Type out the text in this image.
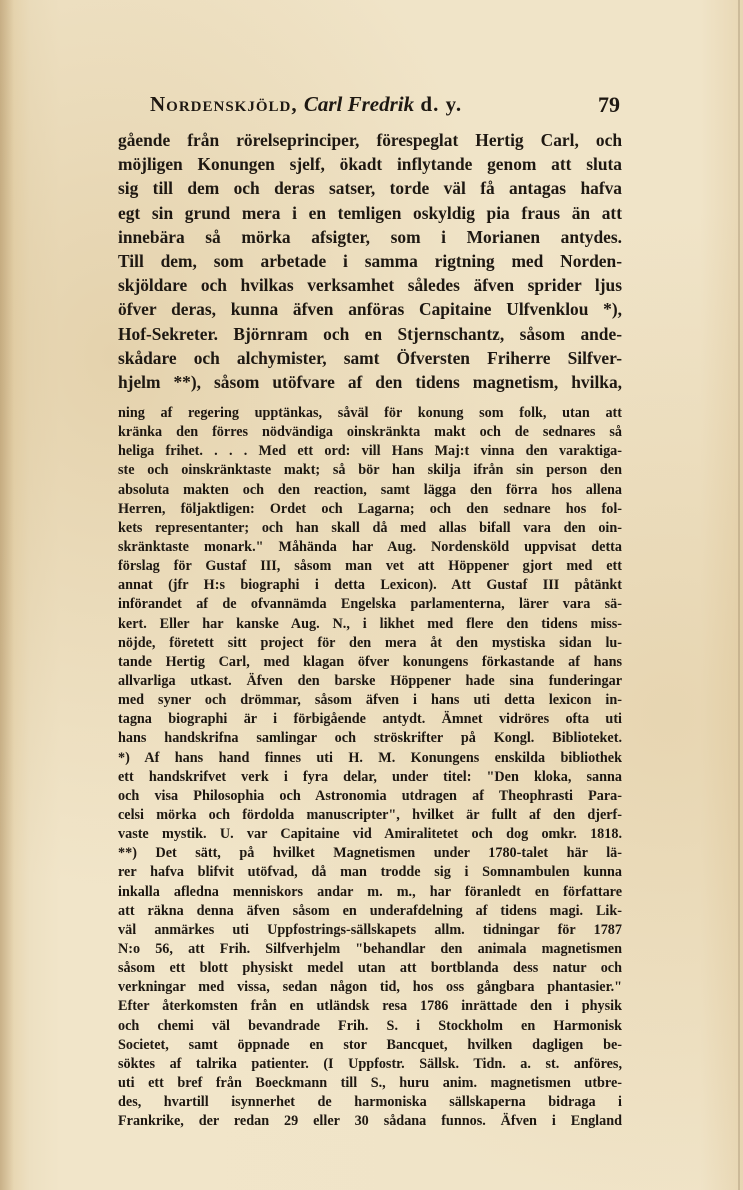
Nordenskjöld, Carl Fredrik d. y.	79
gående från rörelseprinciper, förespeglat Hertig Carl, och
möjligen Konungen sjelf, ökadt inflytande genom att sluta
sig till dem och deras satser, torde väl få antagas hafva
egt sin grund mera i en temligen oskyldig pia fraus än att
innebära så mörka afsigter, som i Morianen antydes.
Till dem, som arbetade i samma rigtning med Norden-
skjöldare och hvilkas verksamhet således äfven sprider ljus
öfver deras, kunna äfven anföras Capitaine Ulfvenklou *),
Hof-Sekreter. Björnram och en Stjernschantz, såsom ande-
skådare och alchymister, samt Öfversten Friherre Silfver-
hjelm **), såsom utöfvare af den tidens magnetism, hvilka,
ning af regering upptänkas, såväl för konung som folk, utan att
kränka den förres nödvändiga oinskränkta makt och de sednares så
heliga frihet. . . . Med ett ord: vill Hans Maj:t vinna den varaktiga-
ste och oinskränktaste makt; så bör han skilja ifrån sin person den
absoluta makten och den reaction, samt lägga den förra hos allena
Herren, följaktligen: Ordet och Lagarna; och den sednare hos fol-
kets representanter; och han skall då med allas bifall vara den oin-
skränktaste monark." Måhända har Aug. Nordensköld uppvisat detta
förslag för Gustaf III, såsom man vet att Höppener gjort med ett
annat (jfr H:s biographi i detta Lexicon). Att Gustaf III påtänkt
införandet af de ofvannämda Engelska parlamenterna, lärer vara sä-
kert. Eller har kanske Aug. N., i likhet med flere den tidens miss-
nöjde, företett sitt project för den mera åt den mystiska sidan lu-
tande Hertig Carl, med klagan öfver konungens förkastande af hans
allvarliga utkast. Äfven den barske Höppener hade sina funderingar
med syner och drömmar, såsom äfven i hans uti detta lexicon in-
tagna biographi är i förbigående antydt. Ämnet vidröres ofta uti
hans handskrifna samlingar och ströskrifter på Kongl. Biblioteket.
*) Af hans hand finnes uti H. M. Konungens enskilda bibliothek
ett handskrifvet verk i fyra delar, under titel: "Den kloka, sanna
och visa Philosophia och Astronomia utdragen af Theophrasti Para-
celsi mörka och fördolda manuscripter", hvilket är fullt af den djerf-
vaste mystik. U. var Capitaine vid Amiralitetet och dog omkr. 1818.
**) Det sätt, på hvilket Magnetismen under 1780-talet här lä-
rer hafva blifvit utöfvad, då man trodde sig i Somnambulen kunna
inkalla afledna menniskors andar m. m., har föranledt en författare
att räkna denna äfven såsom en underafdelning af tidens magi. Lik-
väl anmärkes uti Uppfostrings-sällskapets allm. tidningar för 1787
N:o 56, att Frih. Silfverhjelm "behandlar den animala magnetismen
såsom ett blott physiskt medel utan att bortblanda dess natur och
verkningar med vissa, sedan någon tid, hos oss gångbara phantasier."
Efter återkomsten från en utländsk resa 1786 inrättade den i physik
och chemi väl bevandrade Frih. S. i Stockholm en Harmonisk
Societet, samt öppnade en stor Bancquet, hvilken dagligen be-
söktes af talrika patienter. (I Uppfostr. Sällsk. Tidn. a. st. anföres,
uti ett bref från Boeckmann till S., huru anim. magnetismen utbre-
des, hvartill isynnerhet de harmoniska sällskaperna bidraga i
Frankrike, der redan 29 eller 30 sådana funnos. Äfven i England
